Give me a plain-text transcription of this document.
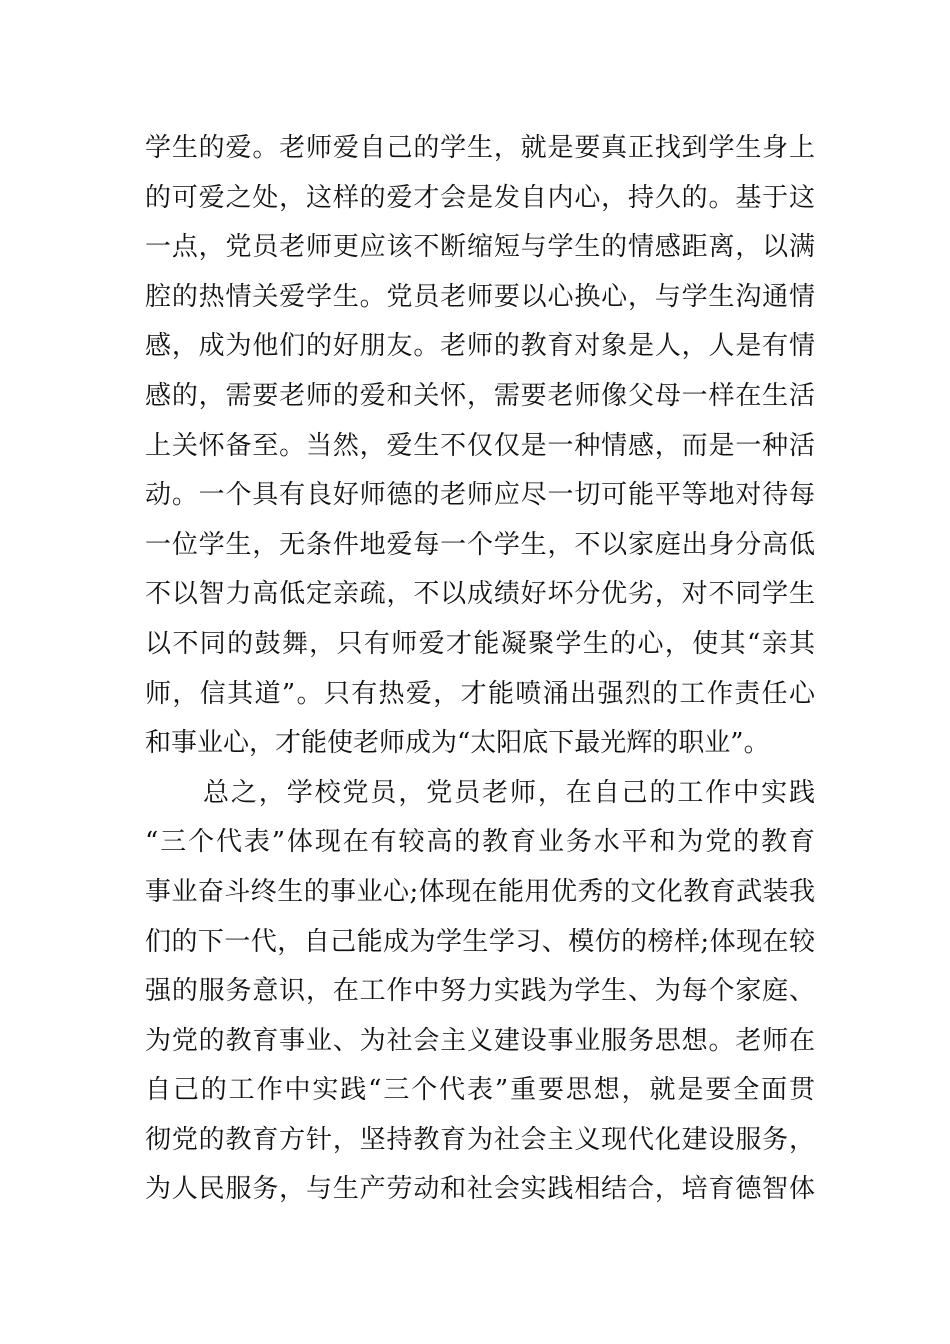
学生的爱。老师爱自己的学生，就是要真正找到学生身上
的可爱之处，这样的爱才会是发自内心，持久的。基于这
一点，党员老师更应该不断缩短与学生的情感距离，以满
腔的热情关爱学生。党员老师要以心换心，与学生沟通情
感，成为他们的好朋友。老师的教育对象是人，人是有情
感的，需要老师的爱和关怀，需要老师像父母一样在生活
上关怀备至。当然，爱生不仅仅是一种情感，而是一种活
动。一个具有良好师德的老师应尽一切可能平等地对待每
一位学生，无条件地爱每一个学生，不以家庭出身分高低
不以智力高低定亲疏，不以成绩好坏分优劣，对不同学生
以不同的鼓舞，只有师爱才能凝聚学生的心，使其“亲其
师，信其道”。只有热爱，才能喷涌出强烈的工作责任心
和事业心，才能使老师成为“太阳底下最光辉的职业”。
总之，学校党员，党员老师，在自己的工作中实践
“三个代表”体现在有较高的教育业务水平和为党的教育
事业奋斗终生的事业心;体现在能用优秀的文化教育武装我
们的下一代，自己能成为学生学习、模仿的榜样;体现在较
强的服务意识，在工作中努力实践为学生、为每个家庭、
为党的教育事业、为社会主义建设事业服务思想。老师在
自己的工作中实践“三个代表”重要思想，就是要全面贯
彻党的教育方针，坚持教育为社会主义现代化建设服务，
为人民服务，与生产劳动和社会实践相结合，培育德智体
